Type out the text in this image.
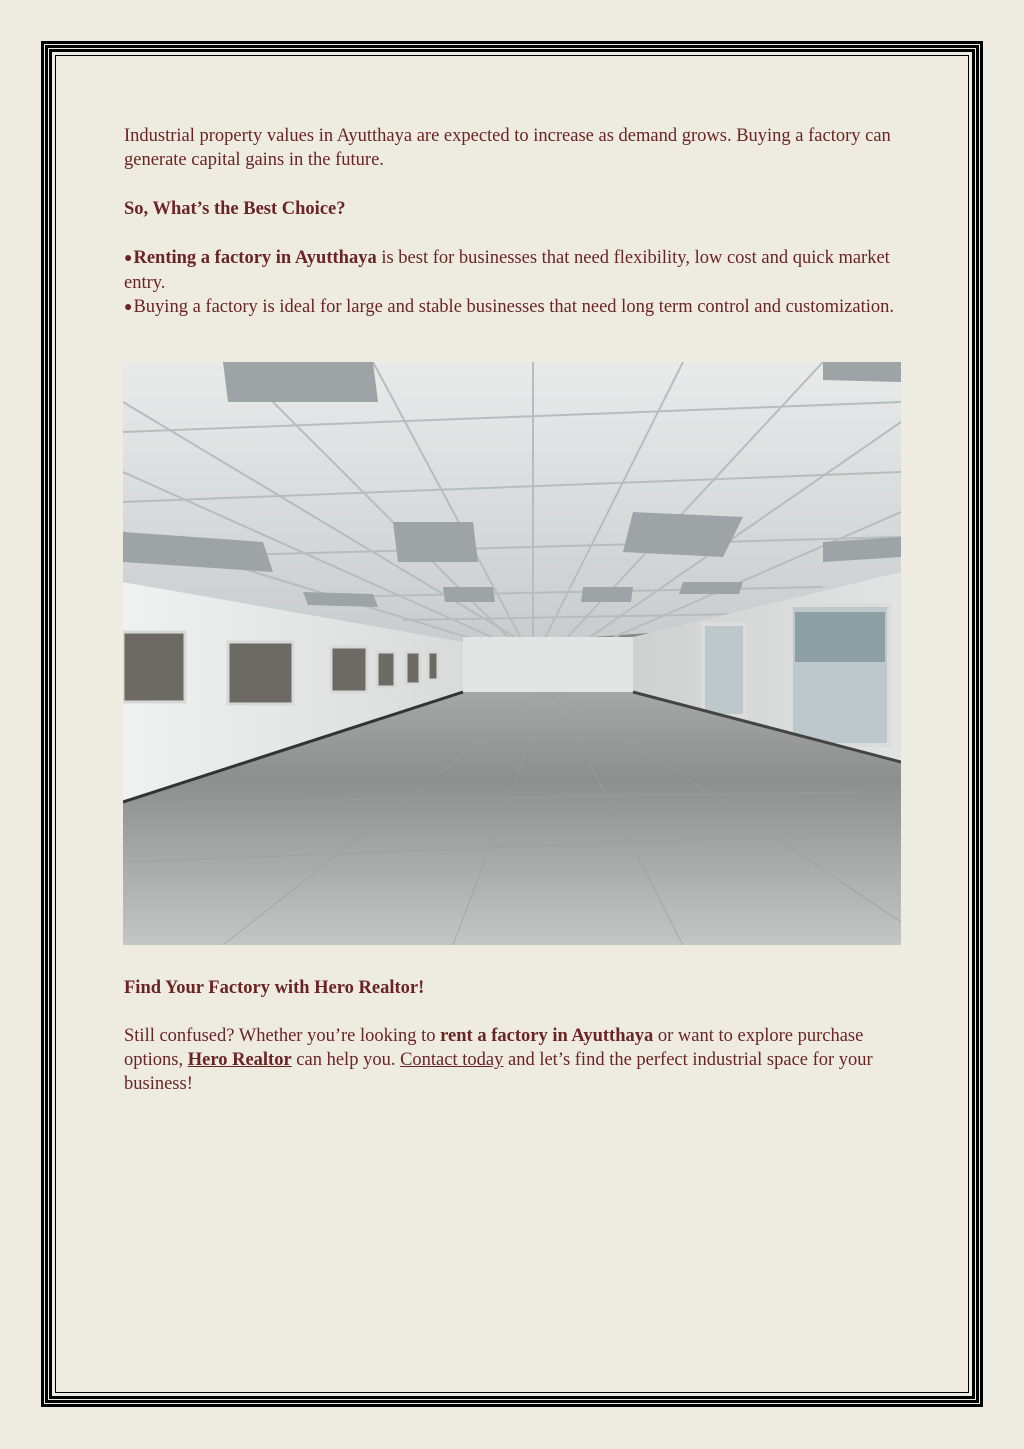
Industrial property values in Ayutthaya are expected to increase as demand grows. Buying a factory can generate capital gains in the future.

So, What’s the Best Choice?

●Renting a factory in Ayutthaya is best for businesses that need flexibility, low cost and quick market entry.
●Buying a factory is ideal for large and stable businesses that need long term control and customization.

Find Your Factory with Hero Realtor!

Still confused? Whether you’re looking to rent a factory in Ayutthaya or want to explore purchase options, Hero Realtor can help you. Contact today and let’s find the perfect industrial space for your business!
